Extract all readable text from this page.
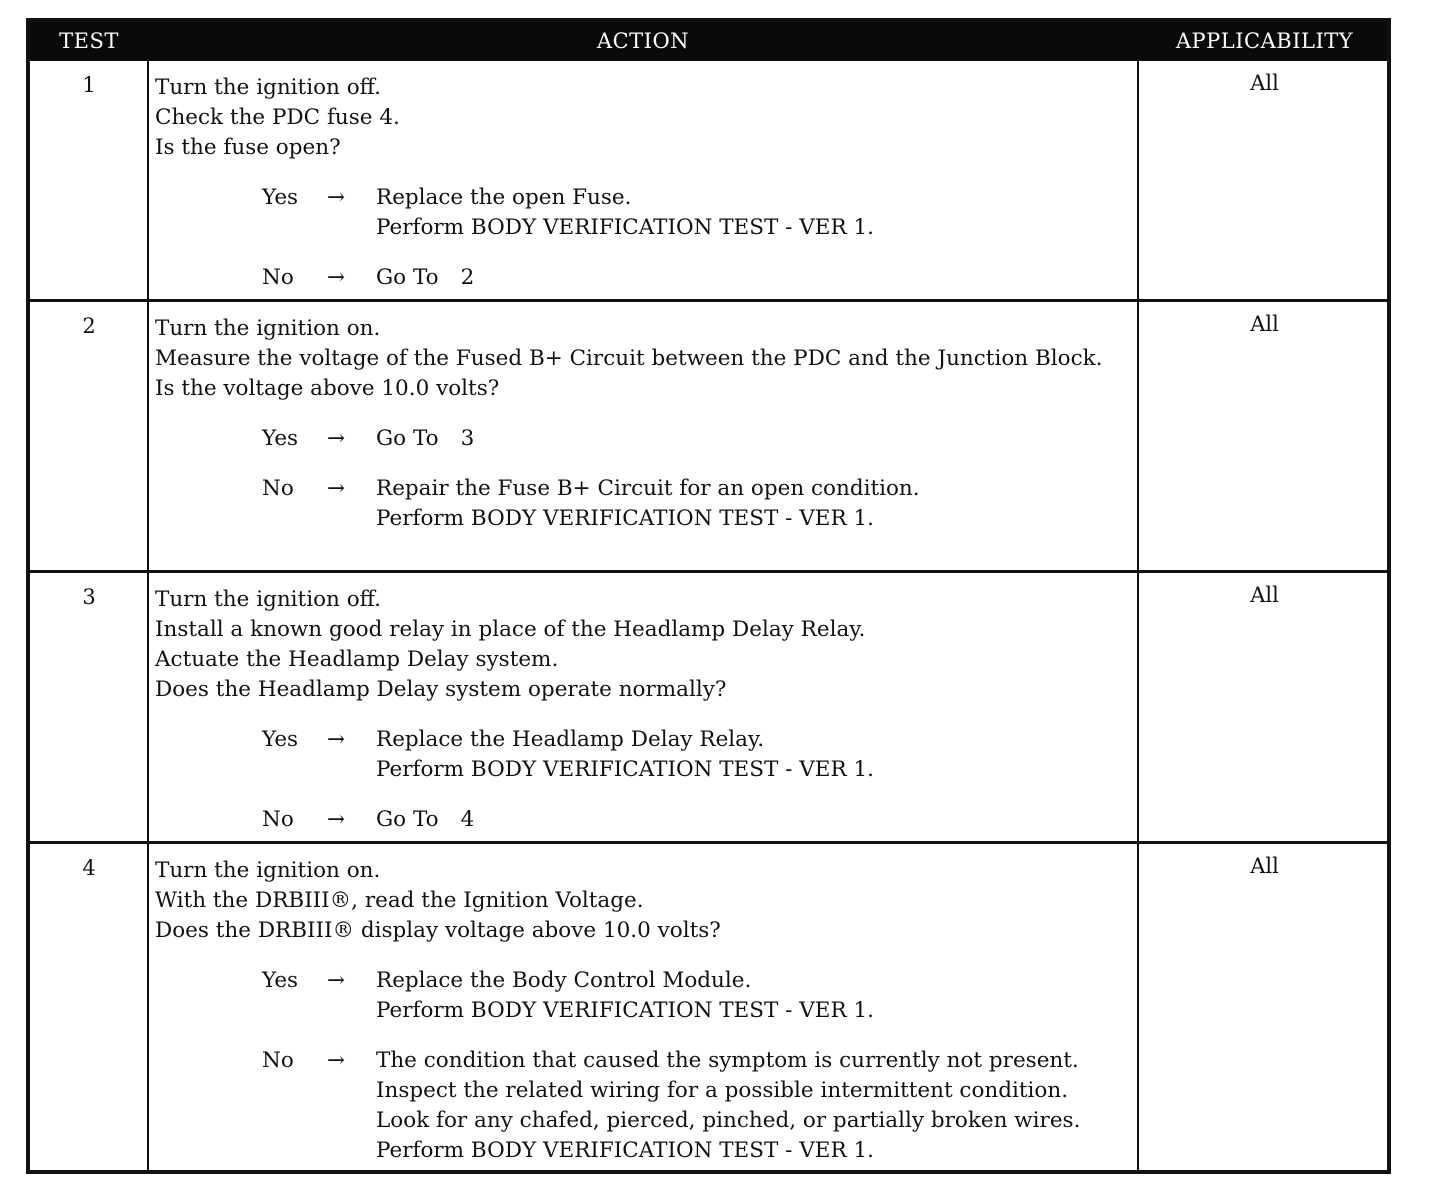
TEST	ACTION	APPLICABILITY
1	Turn the ignition off.

Check the PDC fuse 4.

Is the fuse open?

Yes → Replace the open Fuse.

Perform BODY VERIFICATION TEST - VER 1.

No → Go To 2
All
2	Turn the ignition on.

Measure the voltage of the Fused B+ Circuit between the PDC and the Junction Block.

Is the voltage above 10.0 volts?

Yes → Go To 3
No → Repair the Fuse B+ Circuit for an open condition.

Perform BODY VERIFICATION TEST - VER 1.

All
3	Turn the ignition off.

Install a known good relay in place of the Headlamp Delay Relay.

Actuate the Headlamp Delay system.

Does the Headlamp Delay system operate normally?

Yes → Replace the Headlamp Delay Relay.

Perform BODY VERIFICATION TEST - VER 1.

No → Go To 4
All
4	Turn the ignition on.

With the DRBIII®, read the Ignition Voltage.

Does the DRBIII® display voltage above 10.0 volts?

Yes → Replace the Body Control Module.

Perform BODY VERIFICATION TEST - VER 1.

No → The condition that caused the symptom is currently not present.

Inspect the related wiring for a possible intermittent condition.

Look for any chafed, pierced, pinched, or partially broken wires.

Perform BODY VERIFICATION TEST - VER 1.

All
